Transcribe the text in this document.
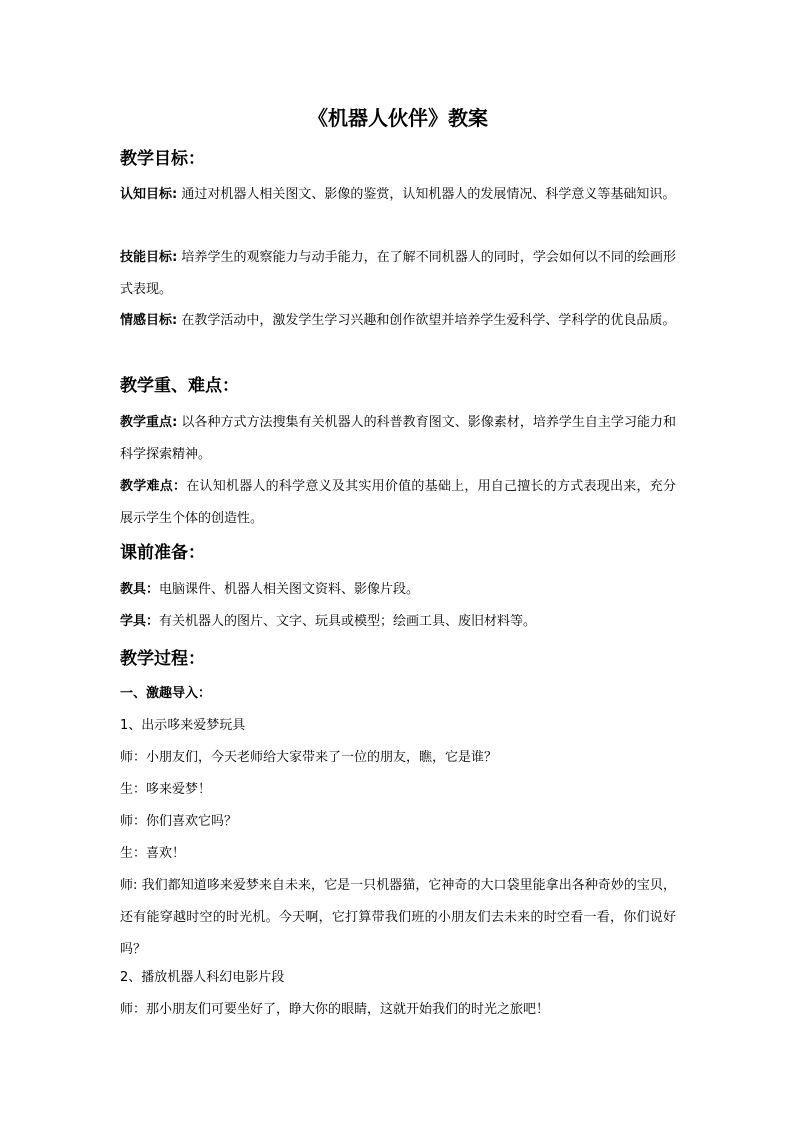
《机器人伙伴》教案
教学目标：
认知目标: 通过对机器人相关图文、影像的鉴赏，认知机器人的发展情况、科学意义等基础知识。
技能目标: 培养学生的观察能力与动手能力，在了解不同机器人的同时，学会如何以不同的绘画形式表现。
情感目标: 在教学活动中，激发学生学习兴趣和创作欲望并培养学生爱科学、学科学的优良品质。
教学重、难点：
教学重点: 以各种方式方法搜集有关机器人的科普教育图文、影像素材，培养学生自主学习能力和科学探索精神。
教学难点：在认知机器人的科学意义及其实用价值的基础上，用自己擅长的方式表现出来，充分展示学生个体的创造性。
课前准备：
教具：电脑课件、机器人相关图文资料、影像片段。
学具：有关机器人的图片、文字、玩具或模型；绘画工具、废旧材料等。
教学过程：
一、激趣导入：
1、出示哆来爱梦玩具
师：小朋友们，今天老师给大家带来了一位的朋友，瞧，它是谁？
生：哆来爱梦！
师：你们喜欢它吗？
生：喜欢！
师: 我们都知道哆来爱梦来自未来，它是一只机器猫，它神奇的大口袋里能拿出各种奇妙的宝贝，还有能穿越时空的时光机。今天啊，它打算带我们班的小朋友们去未来的时空看一看，你们说好吗？
2、播放机器人科幻电影片段
师：那小朋友们可要坐好了，睁大你的眼睛，这就开始我们的时光之旅吧！
